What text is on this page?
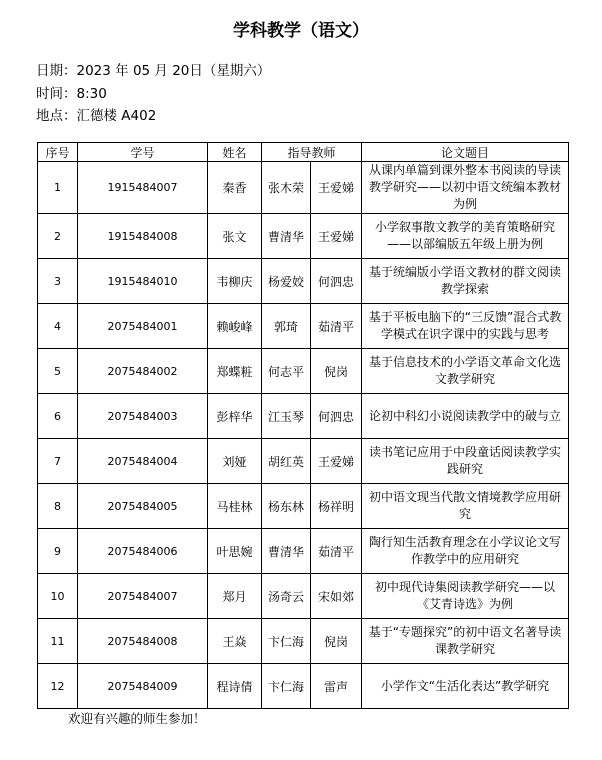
学科教学（语文）
日期：2023 年 05 月 20日（星期六）
时间：8:30
地点：汇德楼 A402
序号	学号	姓名	指导教师		论文题目
1	1915484007	秦香	张木荣	王爱娣	从课内单篇到课外整本书阅读的导读教学研究——以初中语文统编本教材为例
2	1915484008	张文	曹清华	王爱娣	小学叙事散文教学的美育策略研究——以部编版五年级上册为例
3	1915484010	韦柳庆	杨爱姣	何泗忠	基于统编版小学语文教材的群文阅读教学探索
4	2075484001	赖峻峰	郭琦	茹清平	基于平板电脑下的“三反馈”混合式教学模式在识字课中的实践与思考
5	2075484002	郑蝶粧	何志平	倪岗	基于信息技术的小学语文革命文化选文教学研究
6	2075484003	彭梓华	江玉琴	何泗忠	论初中科幻小说阅读教学中的破与立
7	2075484004	刘娅	胡红英	王爱娣	读书笔记应用于中段童话阅读教学实践研究
8	2075484005	马桂林	杨东林	杨祥明	初中语文现当代散文情境教学应用研究
9	2075484006	叶思婉	曹清华	茹清平	陶行知生活教育理念在小学议论文写作教学中的应用研究
10	2075484007	郑月	汤奇云	宋如郊	初中现代诗集阅读教学研究——以《艾青诗选》为例
11	2075484008	王焱	卞仁海	倪岗	基于“专题探究”的初中语文名著导读课教学研究
12	2075484009	程诗倩	卞仁海	雷声	小学作文“生活化表达”教学研究
欢迎有兴趣的师生参加！
